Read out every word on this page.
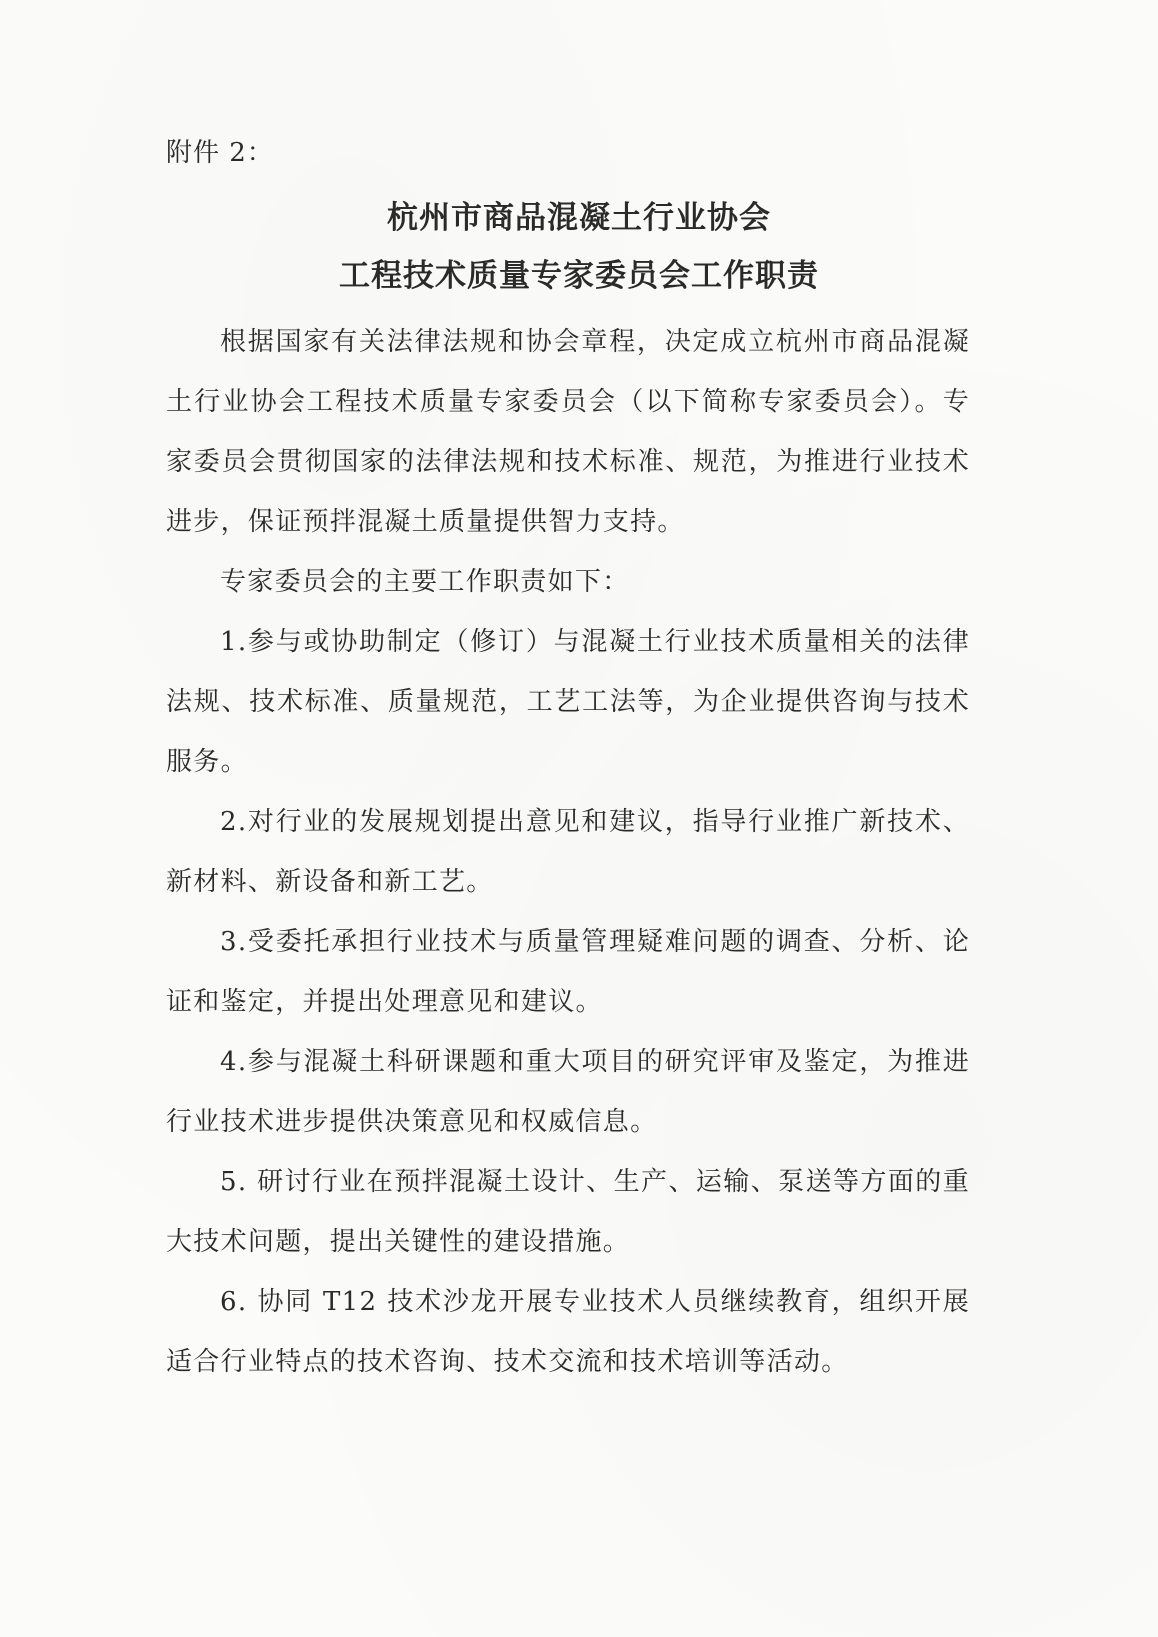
附件 2：

杭州市商品混凝土行业协会
工程技术质量专家委员会工作职责

根据国家有关法律法规和协会章程，决定成立杭州市商品混凝土行业协会工程技术质量专家委员会（以下简称专家委员会）。专家委员会贯彻国家的法律法规和技术标准、规范，为推进行业技术进步，保证预拌混凝土质量提供智力支持。

专家委员会的主要工作职责如下：

1.参与或协助制定（修订）与混凝土行业技术质量相关的法律法规、技术标准、质量规范，工艺工法等，为企业提供咨询与技术服务。

2.对行业的发展规划提出意见和建议，指导行业推广新技术、新材料、新设备和新工艺。

3.受委托承担行业技术与质量管理疑难问题的调查、分析、论证和鉴定，并提出处理意见和建议。

4.参与混凝土科研课题和重大项目的研究评审及鉴定，为推进行业技术进步提供决策意见和权威信息。

5. 研讨行业在预拌混凝土设计、生产、运输、泵送等方面的重大技术问题，提出关键性的建设措施。

6. 协同 T12 技术沙龙开展专业技术人员继续教育，组织开展适合行业特点的技术咨询、技术交流和技术培训等活动。
